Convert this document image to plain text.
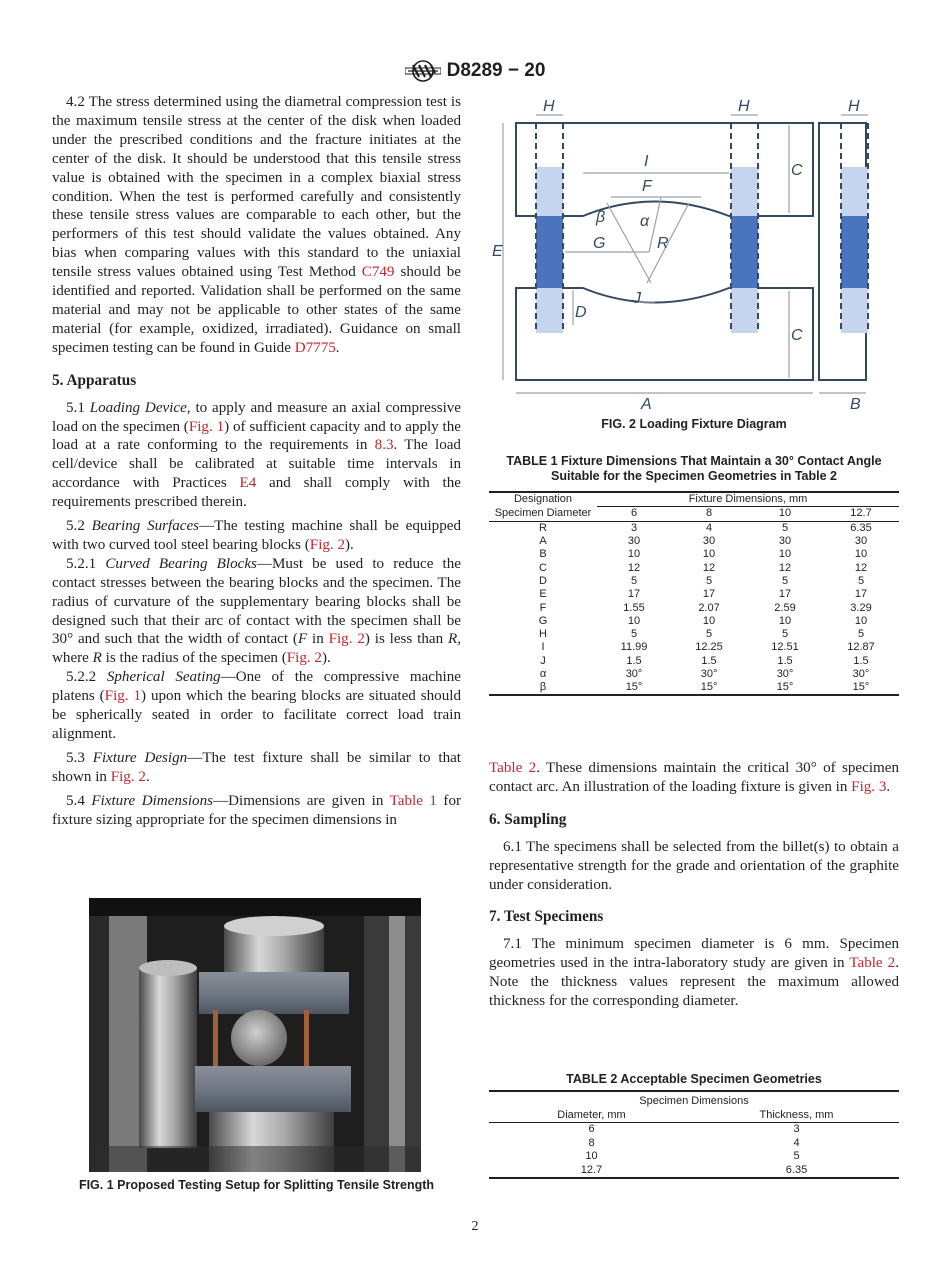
D8289 − 20

4.2 The stress determined using the diametral compression test is the maximum tensile stress at the center of the disk when loaded under the prescribed conditions and the fracture initiates at the center of the disk. It should be understood that this tensile stress value is obtained with the specimen in a complex biaxial stress condition. When the test is performed carefully and consistently these tensile stress values are comparable to each other, but the performers of this test should validate the values obtained. Any bias when comparing values with this standard to the uniaxial tensile stress values obtained using Test Method C749 should be identified and reported. Validation shall be performed on the same material and may not be applicable to other states of the same material (for example, oxidized, irradiated). Guidance on small specimen testing can be found in Guide D7775.

5. Apparatus

5.1 Loading Device, to apply and measure an axial compressive load on the specimen (Fig. 1) of sufficient capacity and to apply the load at a rate conforming to the requirements in 8.3. The load cell/device shall be calibrated at suitable time intervals in accordance with Practices E4 and shall comply with the requirements prescribed therein.

5.2 Bearing Surfaces—The testing machine shall be equipped with two curved tool steel bearing blocks (Fig. 2).

5.2.1 Curved Bearing Blocks—Must be used to reduce the contact stresses between the bearing blocks and the specimen. The radius of curvature of the supplementary bearing blocks shall be designed such that their arc of contact with the specimen shall be 30° and such that the width of contact (F in Fig. 2) is less than R, where R is the radius of the specimen (Fig. 2).

5.2.2 Spherical Seating—One of the compressive machine platens (Fig. 1) upon which the bearing blocks are situated should be spherically seated in order to facilitate correct load train alignment.

5.3 Fixture Design—The test fixture shall be similar to that shown in Fig. 2.

5.4 Fixture Dimensions—Dimensions are given in Table 1 for fixture sizing appropriate for the specimen dimensions in

FIG. 1 Proposed Testing Setup for Splitting Tensile Strength
H	H	H
C
C
E
I
F
β α
G	R
J
D
A	B
FIG. 2 Loading Fixture Diagram
TABLE 1 Fixture Dimensions That Maintain a 30° Contact Angle
Suitable for the Specimen Geometries in Table 2
Designation	Fixture Dimensions, mm			
Specimen Diameter	6	8	10	12.7
R	3	4	5	6.35
A	30	30	30	30
B	10	10	10	10
C	12	12	12	12
D	5	5	5	5
E	17	17	17	17
F	1.55	2.07	2.59	3.29
G	10	10	10	10
H	5	5	5	5
I	11.99	12.25	12.51	12.87
J	1.5	1.5	1.5	1.5
α	30°	30°	30°	30°
β	15°	15°	15°	15°

Table 2. These dimensions maintain the critical 30° of specimen contact arc. An illustration of the loading fixture is given in Fig. 3.

6. Sampling

6.1 The specimens shall be selected from the billet(s) to obtain a representative strength for the grade and orientation of the graphite under consideration.

7. Test Specimens

7.1 The minimum specimen diameter is 6 mm. Specimen geometries used in the intra-laboratory study are given in Table 2. Note the thickness values represent the maximum allowed thickness for the corresponding diameter.

TABLE 2 Acceptable Specimen Geometries
Specimen Dimensions	
Diameter, mm	Thickness, mm
6	3
8	4
10	5
12.7	6.35
2
